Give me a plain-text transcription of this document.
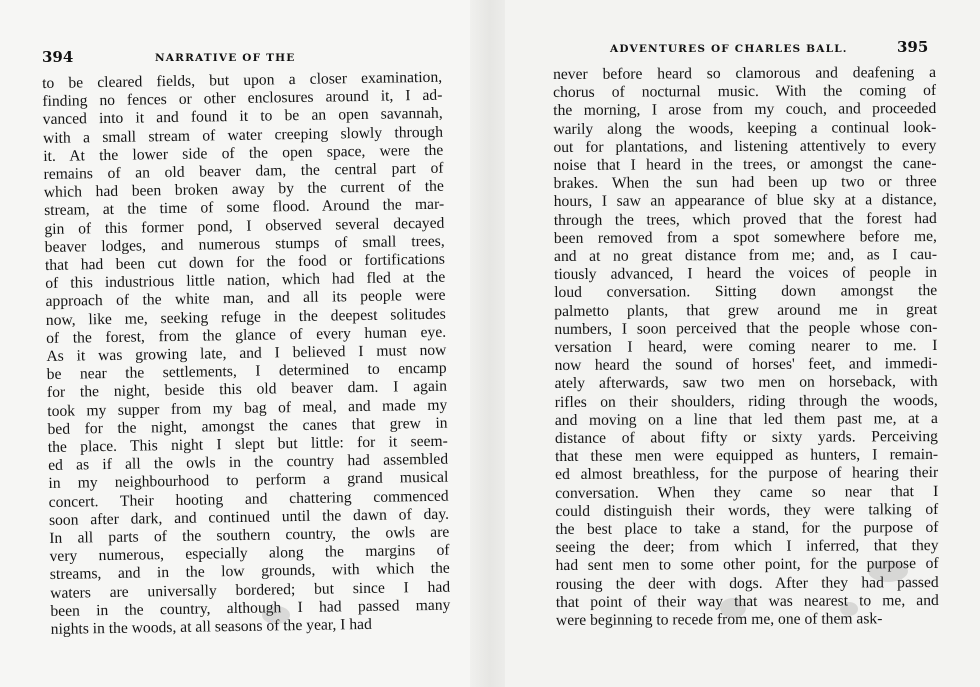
394	NARRATIVE OF THE
to be cleared fields, but upon a closer examination,
finding no fences or other enclosures around it, I ad-
vanced into it and found it to be an open savannah,
with a small stream of water creeping slowly through
it. At the lower side of the open space, were the
remains of an old beaver dam, the central part of
which had been broken away by the current of the
stream, at the time of some flood. Around the mar-
gin of this former pond, I observed several decayed
beaver lodges, and numerous stumps of small trees,
that had been cut down for the food or fortifications
of this industrious little nation, which had fled at the
approach of the white man, and all its people were
now, like me, seeking refuge in the deepest solitudes
of the forest, from the glance of every human eye.
As it was growing late, and I believed I must now
be near the settlements, I determined to encamp
for the night, beside this old beaver dam. I again
took my supper from my bag of meal, and made my
bed for the night, amongst the canes that grew in
the place. This night I slept but little: for it seem-
ed as if all the owls in the country had assembled
in my neighbourhood to perform a grand musical
concert. Their hooting and chattering commenced
soon after dark, and continued until the dawn of day.
In all parts of the southern country, the owls are
very numerous, especially along the margins of
streams, and in the low grounds, with which the
waters are universally bordered; but since I had
been in the country, although I had passed many
nights in the woods, at all seasons of the year, I had
ADVENTURES OF CHARLES BALL.	395
never before heard so clamorous and deafening a
chorus of nocturnal music. With the coming of
the morning, I arose from my couch, and proceeded
warily along the woods, keeping a continual look-
out for plantations, and listening attentively to every
noise that I heard in the trees, or amongst the cane-
brakes. When the sun had been up two or three
hours, I saw an appearance of blue sky at a distance,
through the trees, which proved that the forest had
been removed from a spot somewhere before me,
and at no great distance from me; and, as I cau-
tiously advanced, I heard the voices of people in
loud conversation. Sitting down amongst the
palmetto plants, that grew around me in great
numbers, I soon perceived that the people whose con-
versation I heard, were coming nearer to me. I
now heard the sound of horses' feet, and immedi-
ately afterwards, saw two men on horseback, with
rifles on their shoulders, riding through the woods,
and moving on a line that led them past me, at a
distance of about fifty or sixty yards. Perceiving
that these men were equipped as hunters, I remain-
ed almost breathless, for the purpose of hearing their
conversation. When they came so near that I
could distinguish their words, they were talking of
the best place to take a stand, for the purpose of
seeing the deer; from which I inferred, that they
had sent men to some other point, for the purpose of
rousing the deer with dogs. After they had passed
that point of their way that was nearest to me, and
were beginning to recede from me, one of them ask-
